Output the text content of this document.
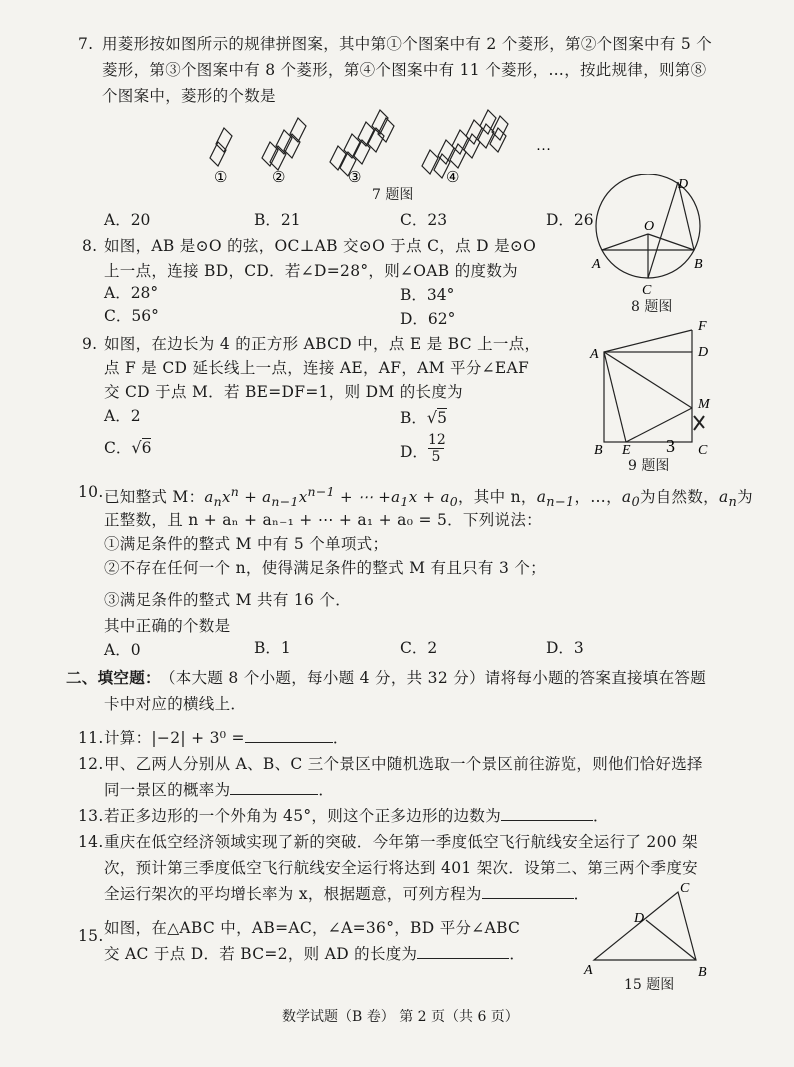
7. 用菱形按如图所示的规律拼图案，其中第①个图案中有 2 个菱形，第②个图案中有 5 个
菱形，第③个图案中有 8 个菱形，第④个图案中有 11 个菱形，…，按此规律，则第⑧
个图案中，菱形的个数是
①	②	③	④
…
7 题图
A．20	B．21	C．23	D．26
8. 如图，AB 是⊙O 的弦，OC⊥AB 交⊙O 于点 C，点 D 是⊙O
上一点，连接 BD，CD．若∠D=28°，则∠OAB 的度数为
A．28°	B．34°
C．56°	D．62°
A	B
C
D
O
8 题图
9. 如图，在边长为 4 的正方形 ABCD 中，点 E 是 BC 上一点，
点 F 是 CD 延长线上一点，连接 AE，AF，AM 平分∠EAF
交 CD 于点 M．若 BE=DF=1，则 DM 的长度为
A．2	B．√5
C．√6	D． $\frac{12}{5}$
A
B	C
D
E
F
M
3
9 题图
10. 已知整式 M：$a_nx^n + a_{n-1}x^{n-1}$ + ⋯ $+a_1x + a_0$，其中 n，$a_{n-1}$，…，$a_0$为自然数，$a_n$为
正整数，且 n + aₙ + aₙ₋₁ + ⋯ + a₁ + a₀ = 5．下列说法：
①满足条件的整式 M 中有 5 个单项式；
②不存在任何一个 n，使得满足条件的整式 M 有且只有 3 个；
③满足条件的整式 M 共有 16 个．
其中正确的个数是
A．0	B．1	C．2	D．3
二、填空题： （本大题 8 个小题，每小题 4 分，共 32 分）请将每小题的答案直接填在答题
卡中对应的横线上．
11. 计算：|−2| + 3⁰ =	．
12. 甲、乙两人分别从 A、B、C 三个景区中随机选取一个景区前往游览，则他们恰好选择
同一景区的概率为	．
13. 若正多边形的一个外角为 45°，则这个正多边形的边数为	．
14. 重庆在低空经济领域实现了新的突破．今年第一季度低空飞行航线安全运行了 200 架
次，预计第三季度低空飞行航线安全运行将达到 401 架次．设第二、第三两个季度安
全运行架次的平均增长率为 x，根据题意，可列方程为	．
15. 如图，在△ABC 中，AB=AC，∠A=36°，BD 平分∠ABC
交 AC 于点 D．若 BC=2，则 AD 的长度为	．
A	B
C
D
15 题图
数学试题（B 卷） 第 2 页（共 6 页）
